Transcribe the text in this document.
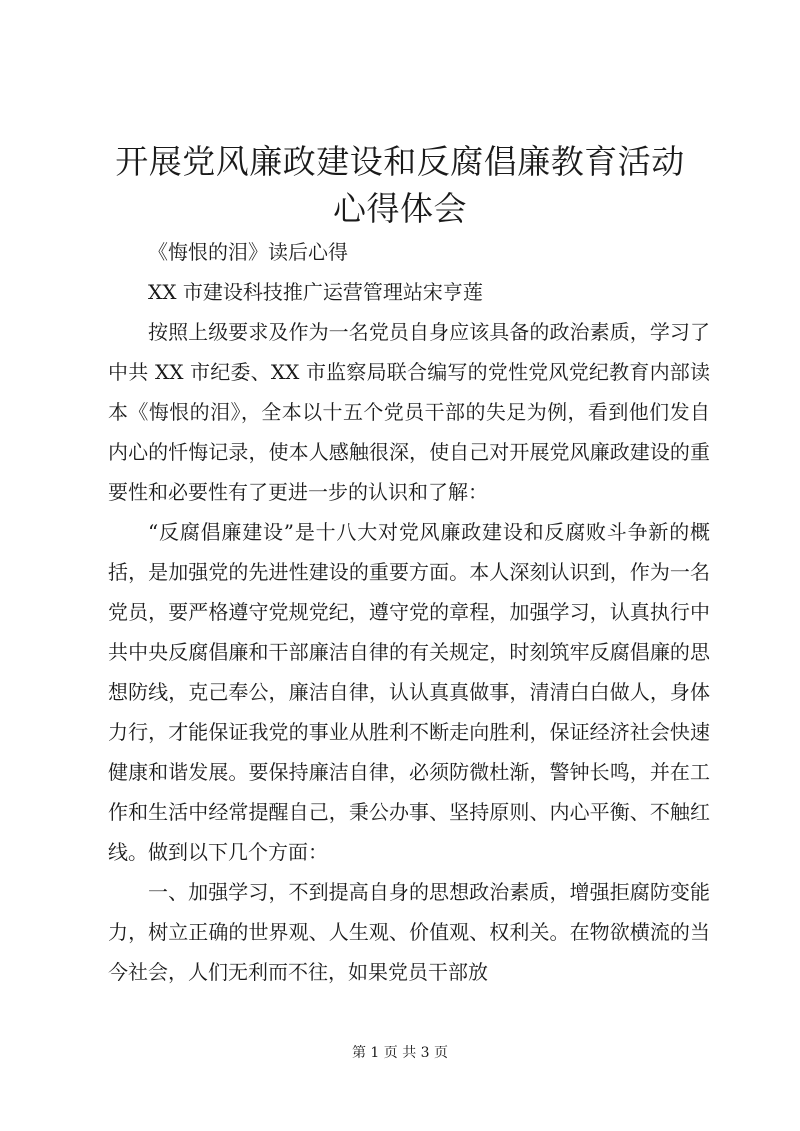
开展党风廉政建设和反腐倡廉教育活动心得体会

《悔恨的泪》读后心得

XX 市建设科技推广运营管理站宋亨莲

按照上级要求及作为一名党员自身应该具备的政治素质，学习了中共 XX 市纪委、XX 市监察局联合编写的党性党风党纪教育内部读本《悔恨的泪》，全本以十五个党员干部的失足为例，看到他们发自内心的忏悔记录，使本人感触很深，使自己对开展党风廉政建设的重要性和必要性有了更进一步的认识和了解：

“反腐倡廉建设”是十八大对党风廉政建设和反腐败斗争新的概括，是加强党的先进性建设的重要方面。本人深刻认识到，作为一名党员，要严格遵守党规党纪，遵守党的章程，加强学习，认真执行中共中央反腐倡廉和干部廉洁自律的有关规定，时刻筑牢反腐倡廉的思想防线，克己奉公，廉洁自律，认认真真做事，清清白白做人，身体力行，才能保证我党的事业从胜利不断走向胜利，保证经济社会快速健康和谐发展。要保持廉洁自律，必须防微杜渐，警钟长鸣，并在工作和生活中经常提醒自己，秉公办事、坚持原则、内心平衡、不触红线。做到以下几个方面：

一、加强学习，不到提高自身的思想政治素质，增强拒腐防变能力，树立正确的世界观、人生观、价值观、权利关。在物欲横流的当今社会，人们无利而不往，如果党员干部放

第 1 页 共 3 页
